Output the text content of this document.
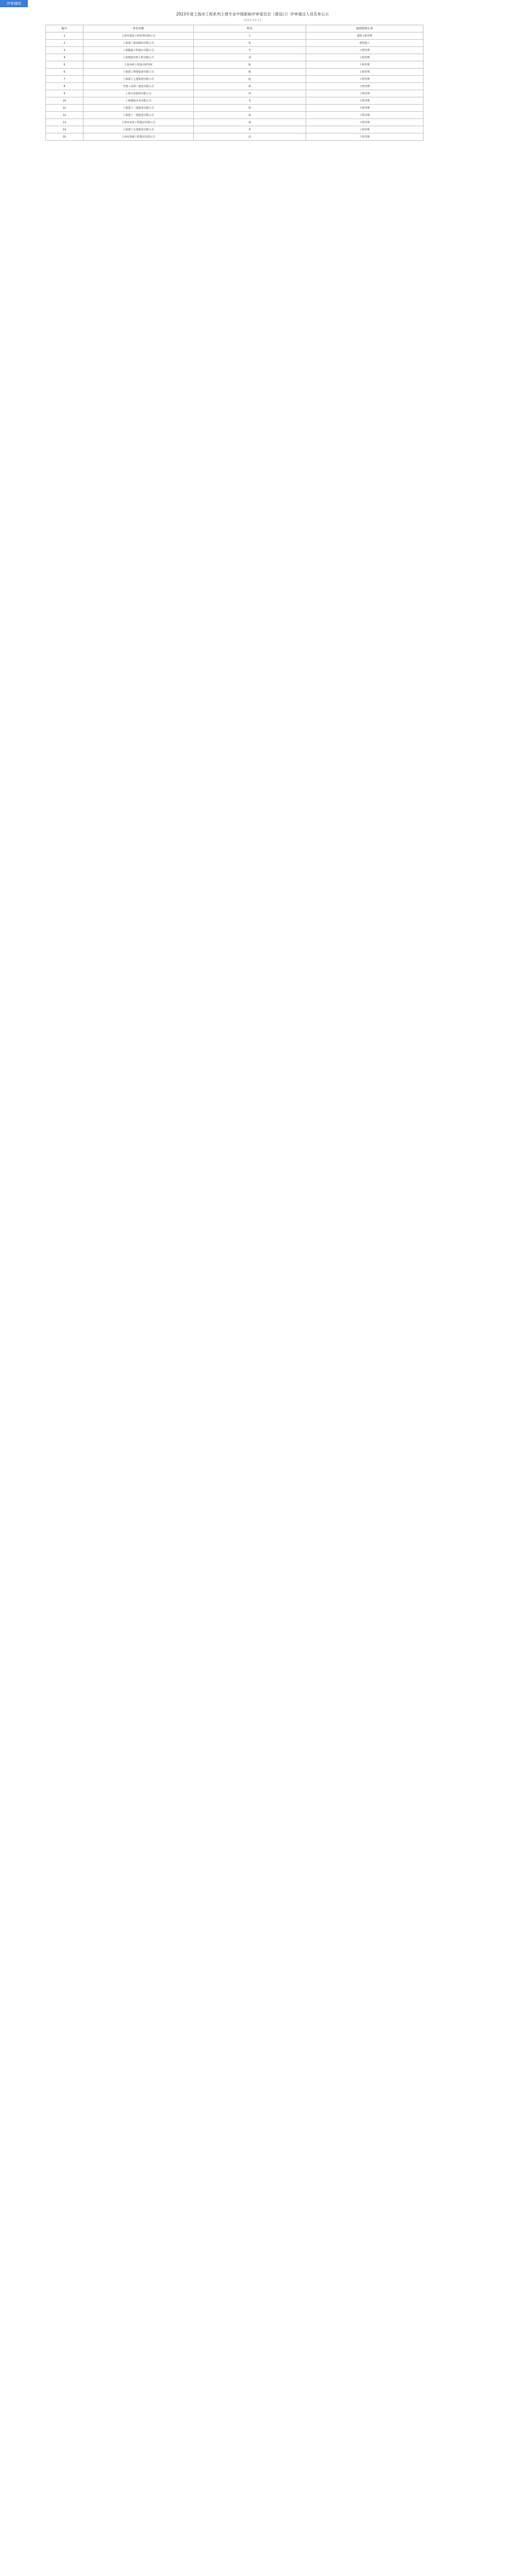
评审通知
2023年度上海市工程系列土建专业中级职称评审委员会（建设口）评审通过人员名单公示
2024-03-15
编号	单位名称	姓名	取得职称专业
1	上海市建设工程管理有限公司	王	建筑工程管理
2	上海建工集团股份有限公司	张	建筑施工
3	上海隧道工程股份有限公司	李	工程管理
4	上海城建市政工程有限公司	刘	工程管理
5	上海市政工程设计研究院	陈	工程管理
6	上海建工四建集团有限公司	杨	工程管理
7	上海建工七建集团有限公司	赵	工程管理
8	中建八局第三建设有限公司	黄	工程管理
9	上海宝冶集团有限公司	周	工程管理
10	上海城投水务有限公司	吴	工程管理
11	上海建工二建集团有限公司	徐	工程管理
12	上海建工一建集团有限公司	孙	工程管理
13	上海市安装工程集团有限公司	胡	工程管理
14	上海建工五建集团有限公司	朱	工程管理
15	上海市基础工程集团有限公司	高	工程管理
